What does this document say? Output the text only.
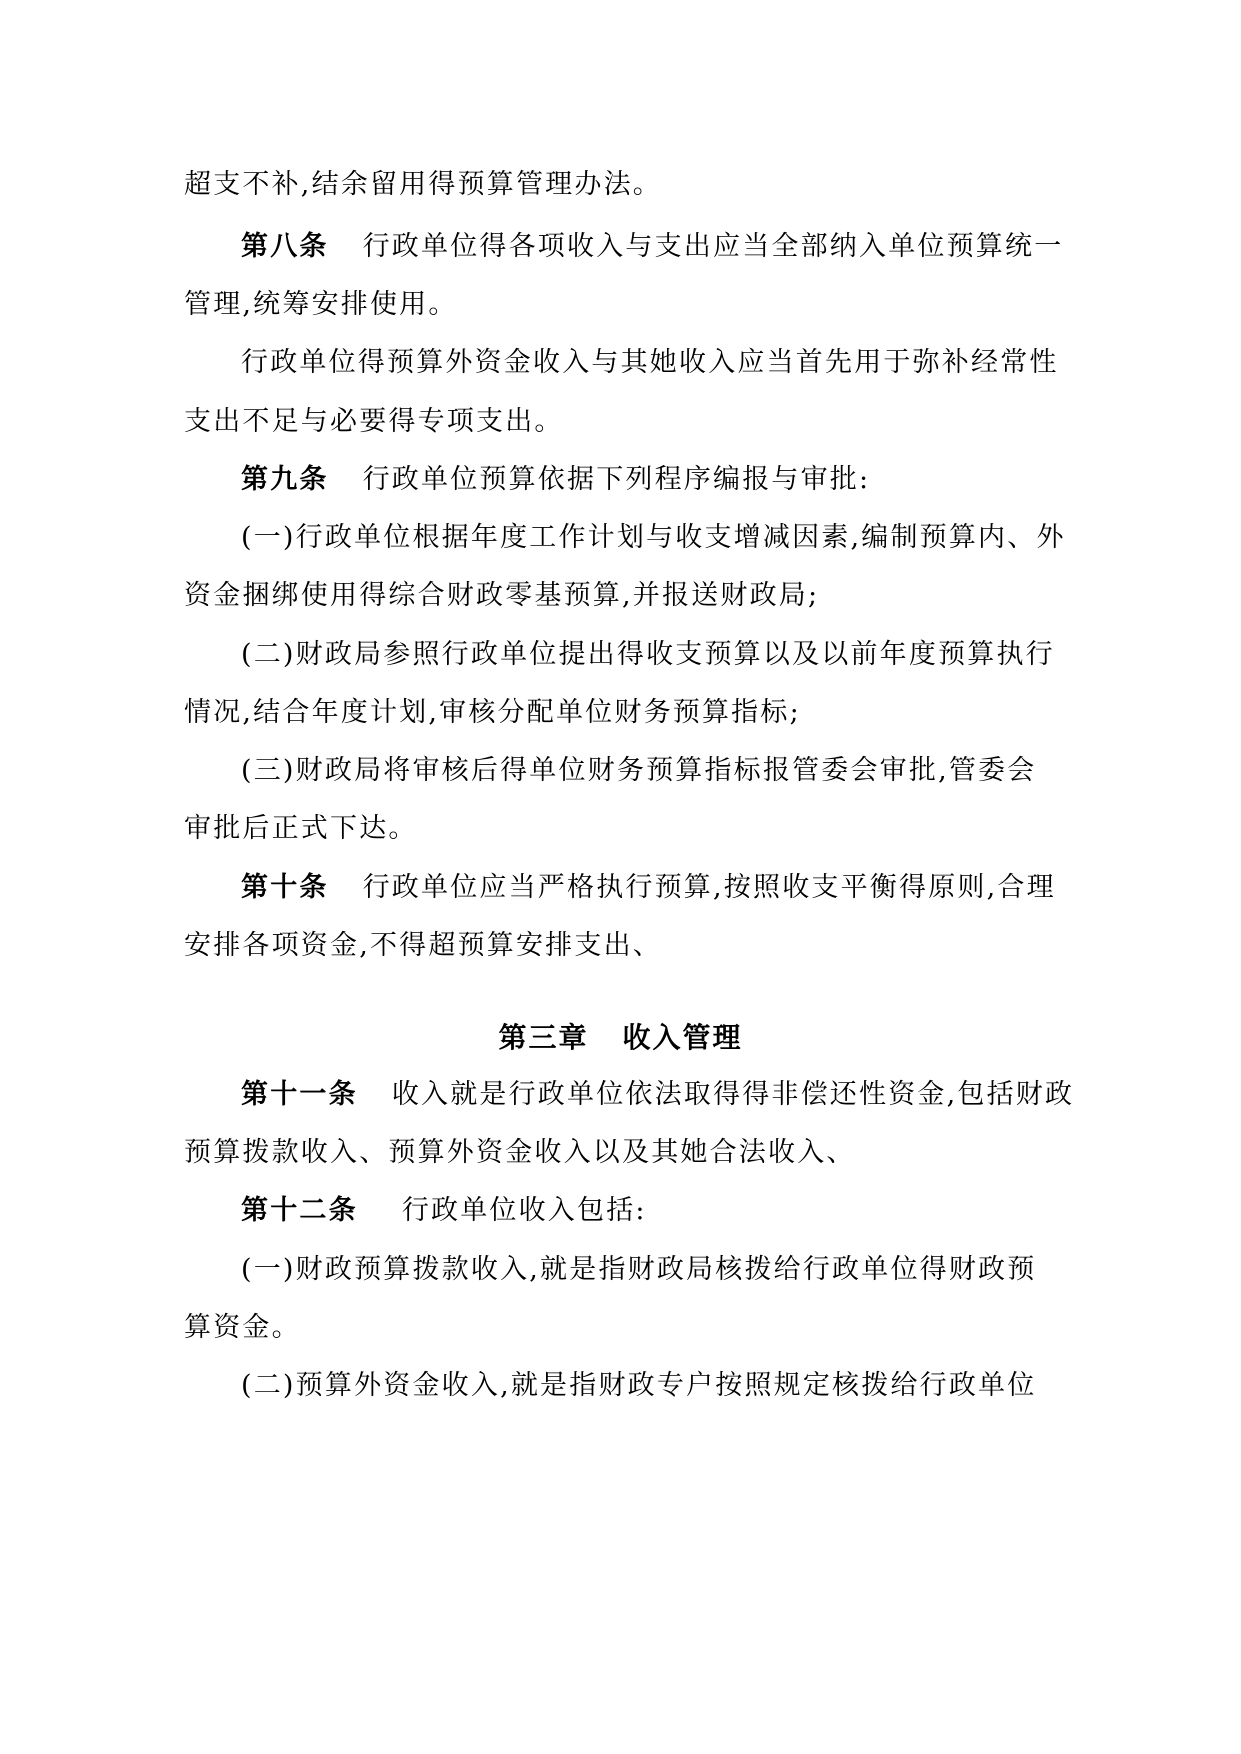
超支不补,结余留用得预算管理办法。
第八条 行政单位得各项收入与支出应当全部纳入单位预算统一
管理,统筹安排使用。
行政单位得预算外资金收入与其她收入应当首先用于弥补经常性
支出不足与必要得专项支出。
第九条 行政单位预算依据下列程序编报与审批:
(一)行政单位根据年度工作计划与收支增减因素,编制预算内、外
资金捆绑使用得综合财政零基预算,并报送财政局;
(二)财政局参照行政单位提出得收支预算以及以前年度预算执行
情况,结合年度计划,审核分配单位财务预算指标;
(三)财政局将审核后得单位财务预算指标报管委会审批,管委会
审批后正式下达。
第十条 行政单位应当严格执行预算,按照收支平衡得原则,合理
安排各项资金,不得超预算安排支出、
第三章 收入管理
第十一条 收入就是行政单位依法取得得非偿还性资金,包括财政
预算拨款收入、预算外资金收入以及其她合法收入、
第十二条 行政单位收入包括:
(一)财政预算拨款收入,就是指财政局核拨给行政单位得财政预
算资金。
(二)预算外资金收入,就是指财政专户按照规定核拨给行政单位
